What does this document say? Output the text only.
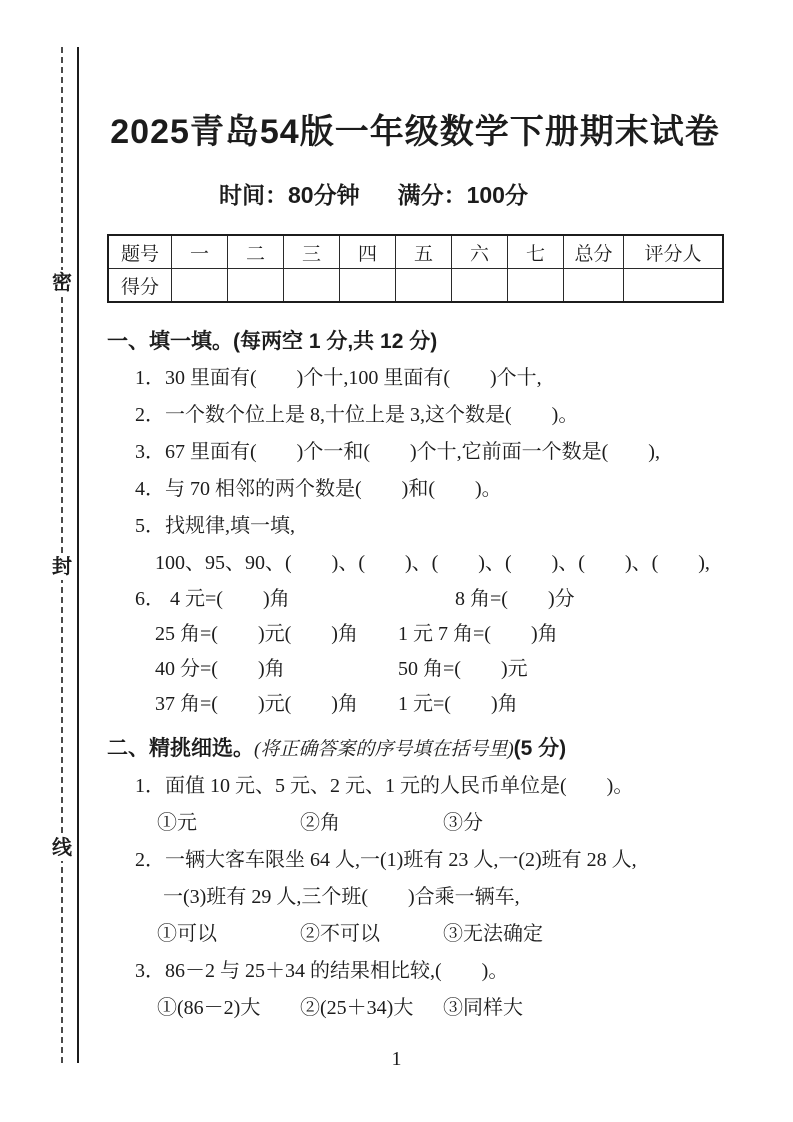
密
封
线
2025青岛54版一年级数学下册期末试卷
时间：80分钟 满分：100分
题号	一	二	三	四	五	六	七	总分	评分人
得分									
一、填一填。(每两空 1 分,共 12 分)
1．30 里面有(　　)个十,100 里面有(　　)个十,
2．一个数个位上是 8,十位上是 3,这个数是(　　)。
3．67 里面有(　　)个一和(　　)个十,它前面一个数是(　　),
4．与 70 相邻的两个数是(　　)和(　　)。
5．找规律,填一填,
100、95、90、(　　)、(　　)、(　　)、(　　)、(　　)、(　　),
6． 4 元=(　　)角	8 角=(　　)分
25 角=(　　)元(　　)角	1 元 7 角=(　　)角
40 分=(　　)角	50 角=(　　)元
37 角=(　　)元(　　)角	1 元=(　　)角
二、精挑细选。(将正确答案的序号填在括号里)(5 分)
1．面值 10 元、5 元、2 元、1 元的人民币单位是(　　)。
①元	②角	③分
2．一辆大客车限坐 64 人,一(1)班有 23 人,一(2)班有 28 人,
一(3)班有 29 人,三个班(　　)合乘一辆车,
①可以	②不可以	③无法确定
3．86－2 与 25＋34 的结果相比较,(　　)。
①(86－2)大	②(25＋34)大	③同样大
1
